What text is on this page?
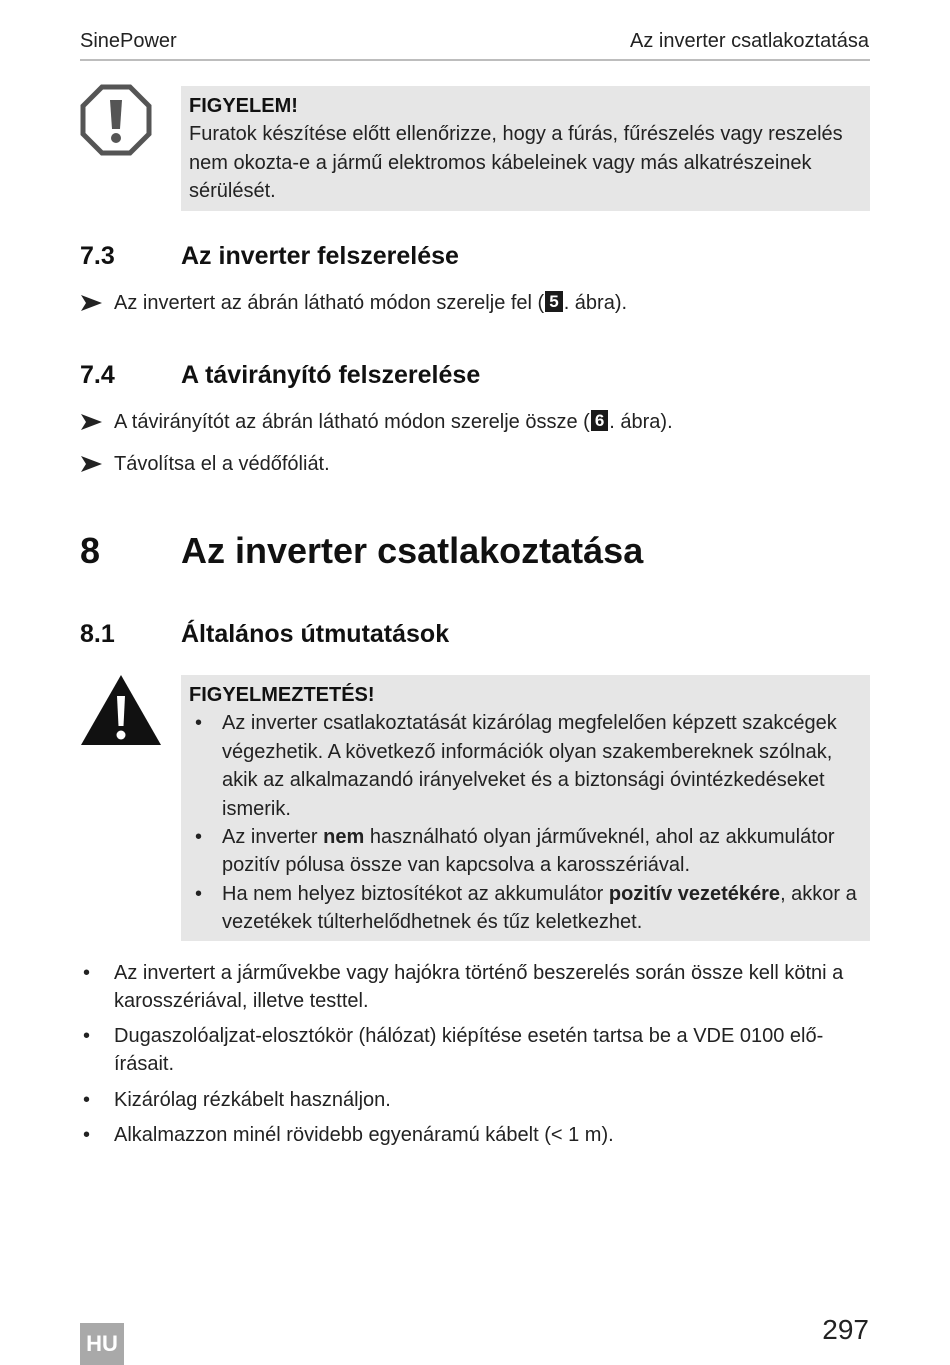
SinePower	Az inverter csatlakoztatása
FIGYELEM!
Furatok készítése előtt ellenőrizze, hogy a fúrás, fűrészelés vagy reszelés nem okozta-e a jármű elektromos kábeleinek vagy más alkatrészeinek sérülését.
7.3	Az inverter felszerelése
Az invertert az ábrán látható módon szerelje fel ( 5 . ábra).
7.4	A távirányító felszerelése
A távirányítót az ábrán látható módon szerelje össze ( 6 . ábra).
Távolítsa el a védőfóliát.
8 Az inverter csatlakoztatása
8.1	Általános útmutatások
FIGYELMEZTETÉS!
• Az inverter csatlakoztatását kizárólag megfelelően képzett szakcégek végezhetik. A következő információk olyan szakembereknek szólnak, akik az alkalmazandó irányelveket és a biztonsági óvintézkedéseket ismerik.
• Az inverter nem használható olyan járműveknél, ahol az akkumulátor pozitív pólusa össze van kapcsolva a karosszériával.
• Ha nem helyez biztosítékot az akkumulátor pozitív vezetékére, akkor a vezetékek túlterhelődhetnek és tűz keletkezhet.
• Az invertert a járművekbe vagy hajókra történő beszerelés során össze kell kötni a karosszériával, illetve testtel.
• Dugaszolóaljzat-elosztókör (hálózat) kiépítése esetén tartsa be a VDE 0100 előírásait.
• Kizárólag rézkábelt használjon.
• Alkalmazzon minél rövidebb egyenáramú kábelt (< 1 m).
297
HU
